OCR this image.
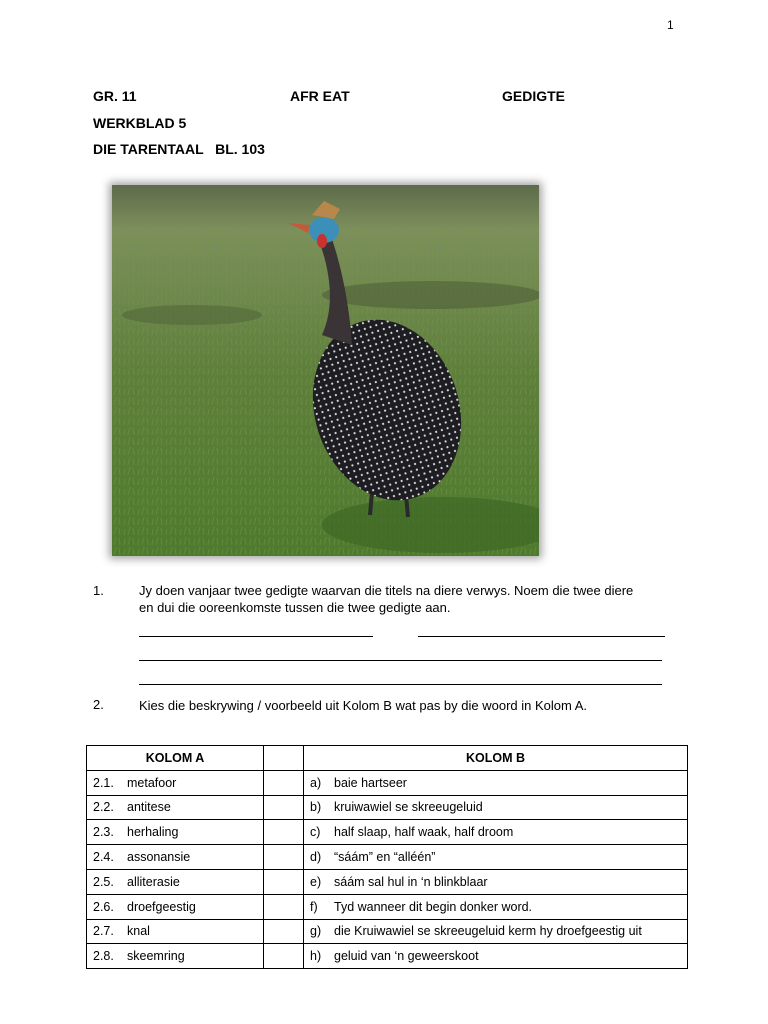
1
GR. 11	AFR EAT	GEDIGTE
WERKBLAD 5
DIE TARENTAAL   BL. 103
1.	Jy doen vanjaar twee gedigte waarvan die titels na diere verwys. Noem die twee diere en dui die ooreenkomste tussen die twee gedigte aan.
2.	Kies die beskrywing / voorbeeld uit Kolom B wat pas by die woord in Kolom A.
KOLOM A		KOLOM B
2.1. metafoor		a) baie hartseer
2.2. antitese		b) kruiwawiel se skreeugeluid
2.3. herhaling		c) half slaap, half waak, half droom
2.4. assonansie		d) “sáám” en “alléén”
2.5. alliterasie		e) sáám sal hul in ‘n blinkblaar
2.6. droefgeestig		f) Tyd wanneer dit begin donker word.
2.7. knal		g) die Kruiwawiel se skreeugeluid kerm hy droefgeestig uit
2.8. skeemring		h) geluid van ‘n geweerskoot
